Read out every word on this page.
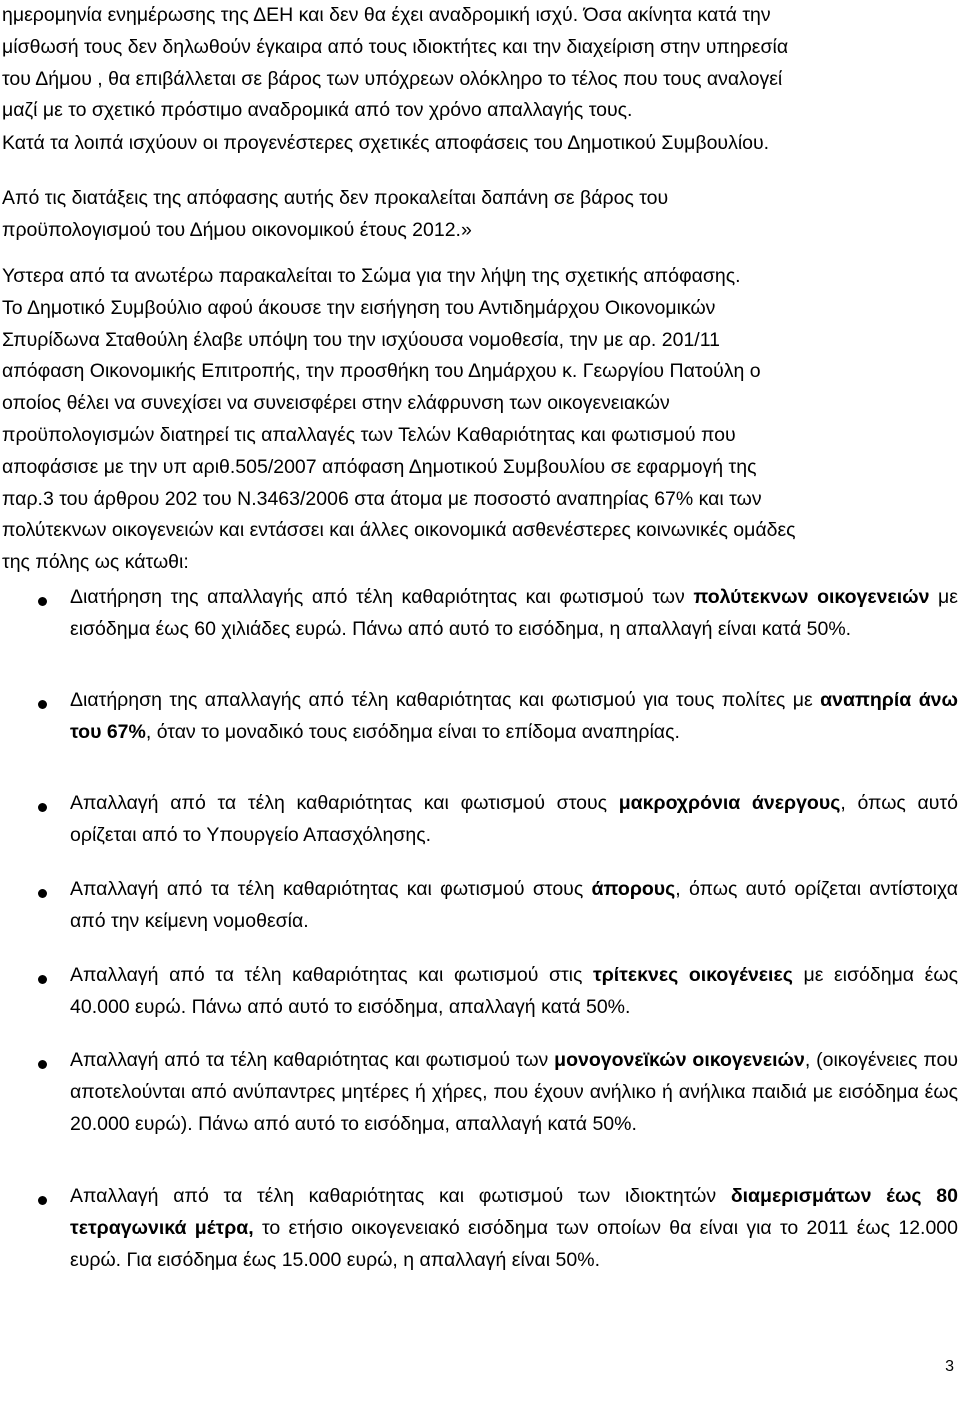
ημερομηνία ενημέρωσης της ΔΕΗ και δεν θα έχει αναδρομική ισχύ. Όσα ακίνητα κατά την
μίσθωσή τους δεν δηλωθούν έγκαιρα από τους ιδιοκτήτες και την διαχείριση στην υπηρεσία
του Δήμου , θα επιβάλλεται σε βάρος των υπόχρεων ολόκληρο το τέλος που τους αναλογεί
μαζί με το σχετικό πρόστιμο αναδρομικά από τον χρόνο απαλλαγής τους.

Κατά τα λοιπά ισχύουν οι προγενέστερες σχετικές αποφάσεις του Δημοτικού Συμβουλίου.

Από τις διατάξεις της απόφασης αυτής δεν προκαλείται δαπάνη σε βάρος του
προϋπολογισμού του Δήμου οικονομικού έτους 2012.»

Υστερα από τα ανωτέρω παρακαλείται το Σώμα για την λήψη της σχετικής απόφασης.
Το Δημοτικό Συμβούλιο αφού άκουσε την εισήγηση του Αντιδημάρχου Οικονομικών
Σπυρίδωνα Σταθούλη έλαβε υπόψη του την ισχύουσα νομοθεσία, την με αρ. 201/11
απόφαση Οικονομικής Επιτροπής, την προσθήκη του Δημάρχου κ. Γεωργίου Πατούλη ο
οποίος θέλει να συνεχίσει να συνεισφέρει στην ελάφρυνση των οικογενειακών
προϋπολογισμών διατηρεί τις απαλλαγές των Τελών Καθαριότητας και φωτισμού που
αποφάσισε με την υπ αριθ.505/2007 απόφαση Δημοτικού Συμβουλίου σε εφαρμογή της
παρ.3 του άρθρου 202 του Ν.3463/2006 στα άτομα με ποσοστό αναπηρίας 67% και των
πολύτεκνων οικογενειών και εντάσσει και άλλες οικονομικά ασθενέστερες κοινωνικές ομάδες
της πόλης ως κάτωθι:

Διατήρηση της απαλλαγής από τέλη καθαριότητας και φωτισμού των πολύτεκνων οικογενειών με εισόδημα έως 60 χιλιάδες ευρώ. Πάνω από αυτό το εισόδημα, η απαλλαγή είναι κατά 50%.

Διατήρηση της απαλλαγής από τέλη καθαριότητας και φωτισμού για τους πολίτες με αναπηρία άνω του 67%, όταν το μοναδικό τους εισόδημα είναι το επίδομα αναπηρίας.

Απαλλαγή από τα τέλη καθαριότητας και φωτισμού στους μακροχρόνια άνεργους, όπως αυτό ορίζεται από το Υπουργείο Απασχόλησης.

Απαλλαγή από τα τέλη καθαριότητας και φωτισμού στους άπορους, όπως αυτό ορίζεται αντίστοιχα από την κείμενη νομοθεσία.

Απαλλαγή από τα τέλη καθαριότητας και φωτισμού στις τρίτεκνες οικογένειες με εισόδημα έως 40.000 ευρώ. Πάνω από αυτό το εισόδημα, απαλλαγή κατά 50%.

Απαλλαγή από τα τέλη καθαριότητας και φωτισμού των μονογονεϊκών οικογενειών, (οικογένειες που αποτελούνται από ανύπαντρες μητέρες ή χήρες, που έχουν ανήλικο ή ανήλικα παιδιά με εισόδημα έως 20.000 ευρώ). Πάνω από αυτό το εισόδημα, απαλλαγή κατά 50%.

Απαλλαγή από τα τέλη καθαριότητας και φωτισμού των ιδιοκτητών διαμερισμάτων έως 80 τετραγωνικά μέτρα, το ετήσιο οικογενειακό εισόδημα των οποίων θα είναι για το 2011 έως 12.000 ευρώ. Για εισόδημα έως 15.000 ευρώ, η απαλλαγή είναι 50%.

3
